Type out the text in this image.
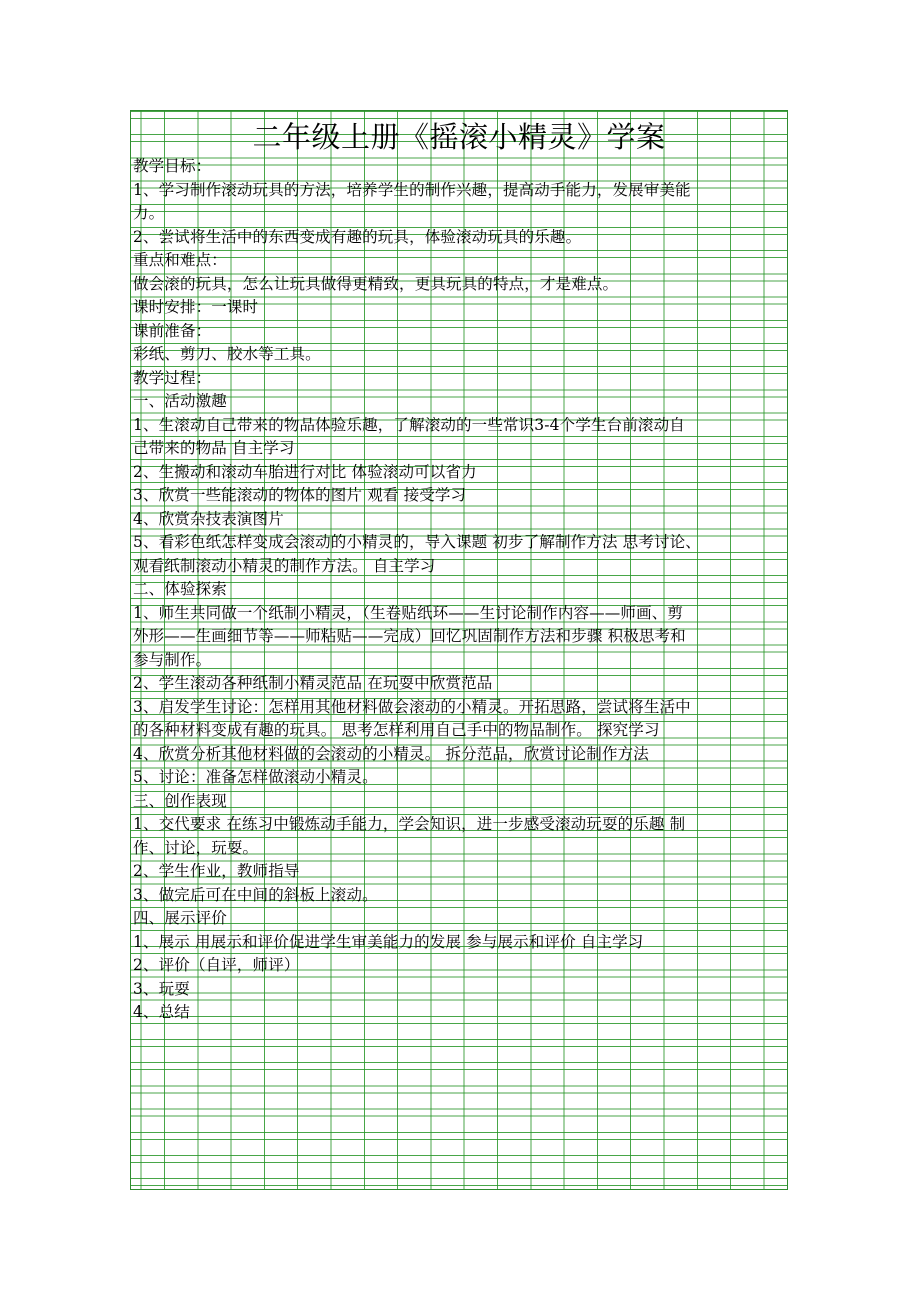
二年级上册《摇滚小精灵》学案
教学目标：
1、学习制作滚动玩具的方法，培养学生的制作兴趣，提高动手能力，发展审美能
力。
2、尝试将生活中的东西变成有趣的玩具，体验滚动玩具的乐趣。
重点和难点：
做会滚的玩具，怎么让玩具做得更精致，更具玩具的特点，才是难点。
课时安排：一课时
课前准备：
彩纸、剪刀、胶水等工具。
教学过程：
一、活动激趣
1、生滚动自己带来的物品体验乐趣，了解滚动的一些常识3-4个学生台前滚动自
己带来的物品 自主学习
2、生搬动和滚动车胎进行对比 体验滚动可以省力
3、欣赏一些能滚动的物体的图片 观看 接受学习
4、欣赏杂技表演图片
5、看彩色纸怎样变成会滚动的小精灵的，导入课题 初步了解制作方法 思考讨论、
观看纸制滚动小精灵的制作方法。 自主学习
二、体验探索
1、师生共同做一个纸制小精灵，（生卷贴纸环——生讨论制作内容——师画、剪
外形——生画细节等——师粘贴——完成）回忆巩固制作方法和步骤 积极思考和
参与制作。
2、学生滚动各种纸制小精灵范品 在玩耍中欣赏范品
3、启发学生讨论：怎样用其他材料做会滚动的小精灵。开拓思路，尝试将生活中
的各种材料变成有趣的玩具。 思考怎样利用自己手中的物品制作。 探究学习
4、欣赏分析其他材料做的会滚动的小精灵。 拆分范品，欣赏讨论制作方法
5、讨论：准备怎样做滚动小精灵。
三、创作表现
1、交代要求 在练习中锻炼动手能力，学会知识，进一步感受滚动玩耍的乐趣 制
作、讨论，玩耍。
2、学生作业，教师指导
3、做完后可在中间的斜板上滚动。
四、展示评价
1、展示 用展示和评价促进学生审美能力的发展 参与展示和评价 自主学习
2、评价（自评，师评）
3、玩耍
4、总结
